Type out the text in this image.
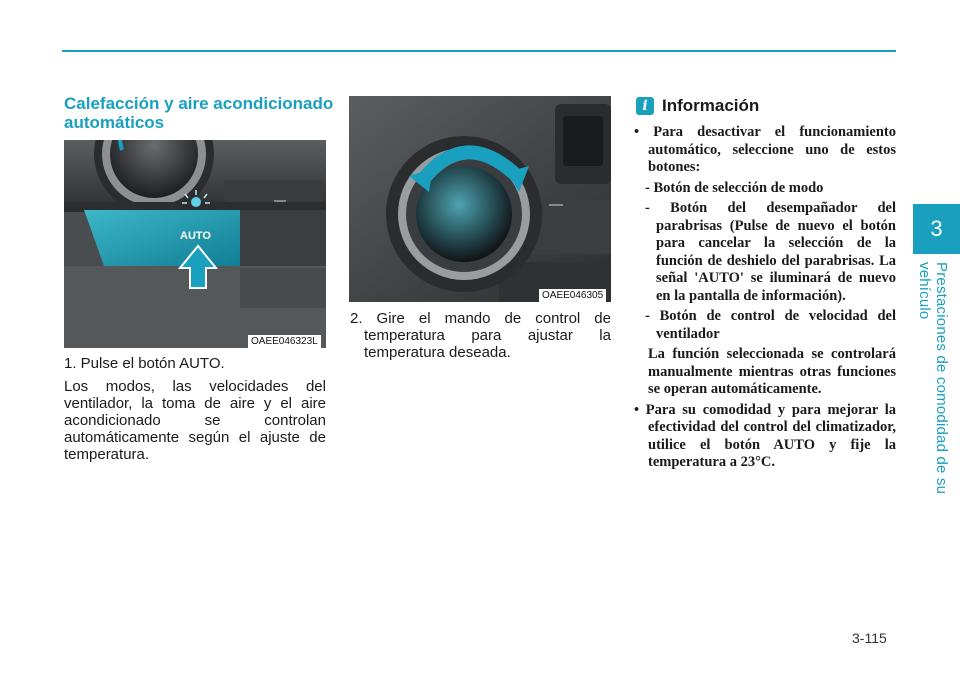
3
Prestaciones de comodidad de su vehículo
Calefacción y aire acondicionado automáticos
AUTO
OAEE046323L
1. Pulse el botón AUTO.
Los modos, las velocidades del ventilador, la toma de aire y el aire acondicionado se controlan automáticamente según el ajuste de temperatura.
OAEE046305
2. Gire el mando de control de temperatura para ajustar la temperatura deseada.
i Información
• Para desactivar el funcionamiento automático, seleccione uno de estos botones:
- Botón de selección de modo
- Botón del desempañador del parabrisas (Pulse de nuevo el botón para cancelar la selección de la función de deshielo del parabrisas. La señal 'AUTO' se iluminará de nuevo en la pantalla de información).
- Botón de control de velocidad del ventilador
La función seleccionada se controlará manualmente mientras otras funciones se operan automáticamente.
• Para su comodidad y para mejorar la efectividad del control del climatizador, utilice el botón AUTO y fije la temperatura a 23°C.
3-115
